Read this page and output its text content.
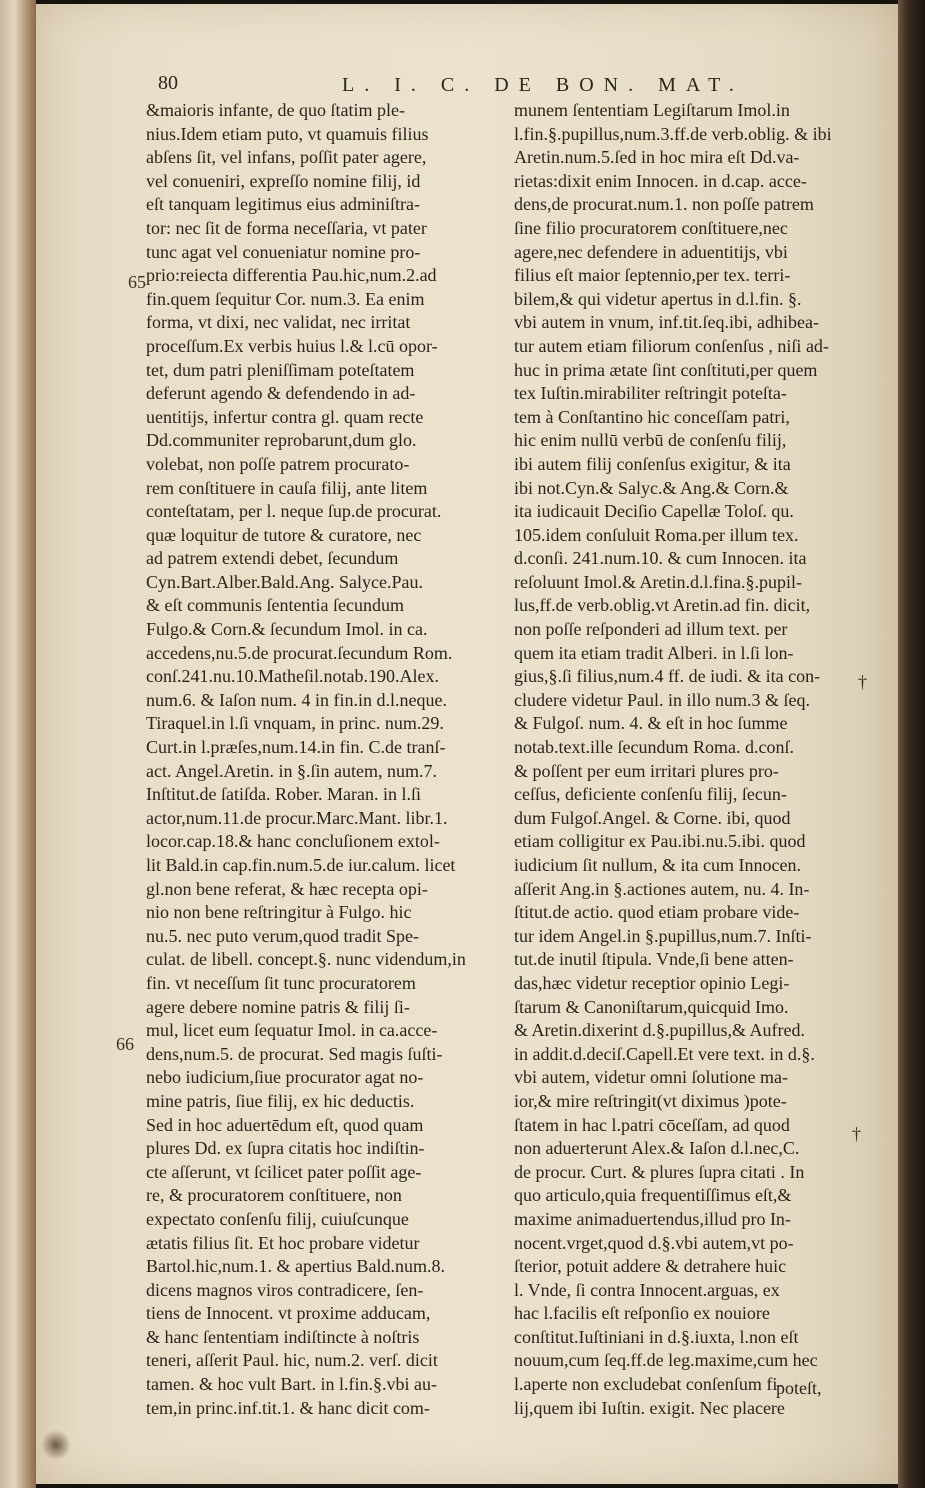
80	L. I. C. DE BON. MAT.
&maioris infante, de quo ſtatim ple-
nius.Idem etiam puto, vt quamuis filius
abſens ſit, vel infans, poſſit pater agere,
vel conueniri, expreſſo nomine filij, id
eſt tanquam legitimus eius adminiſtra-
tor: nec ſit de forma neceſſaria, vt pater
tunc agat vel conueniatur nomine pro-
prio:reiecta differentia Pau.hic,num.2.ad
fin.quem ſequitur Cor. num.3. Ea enim
forma, vt dixi, nec validat, nec irritat
proceſſum.Ex verbis huius l.& l.cū opor-
tet, dum patri pleniſſimam poteſtatem
deferunt agendo & defendendo in ad-
uentitijs, infertur contra gl. quam recte
Dd.communiter reprobarunt,dum glo.
volebat, non poſſe patrem procurato-
rem conſtituere in cauſa filij, ante litem
conteſtatam, per l. neque ſup.de procurat.
quæ loquitur de tutore & curatore, nec
ad patrem extendi debet, ſecundum
Cyn.Bart.Alber.Bald.Ang. Salyce.Pau.
& eſt communis ſententia ſecundum
Fulgo.& Corn.& ſecundum Imol. in ca.
accedens,nu.5.de procurat.ſecundum Rom.
conſ.241.nu.10.Matheſil.notab.190.Alex.
num.6. & Iaſon num. 4 in fin.in d.l.neque.
Tiraquel.in l.ſi vnquam, in princ. num.29.
Curt.in l.præſes,num.14.in fin. C.de tranſ-
act. Angel.Aretin. in §.ſin autem, num.7.
Inſtitut.de ſatiſda. Rober. Maran. in l.ſi
actor,num.11.de procur.Marc.Mant. libr.1.
locor.cap.18.& hanc concluſionem extol-
lit Bald.in cap.fin.num.5.de iur.calum. licet
gl.non bene referat, & hæc recepta opi-
nio non bene reſtringitur à Fulgo. hic
nu.5. nec puto verum,quod tradit Spe-
culat. de libell. concept.§. nunc videndum,in
fin. vt neceſſum ſit tunc procuratorem
agere debere nomine patris & filij ſi-
mul, licet eum ſequatur Imol. in ca.acce-
dens,num.5. de procurat. Sed magis ſuſti-
nebo iudicium,ſiue procurator agat no-
mine patris, ſiue filij, ex hic deductis.
Sed in hoc aduertēdum eſt, quod quam
plures Dd. ex ſupra citatis hoc indiſtin-
cte aſſerunt, vt ſcilicet pater poſſit age-
re, & procuratorem conſtituere, non
expectato conſenſu filij, cuiuſcunque
ætatis filius ſit. Et hoc probare videtur
Bartol.hic,num.1. & apertius Bald.num.8.
dicens magnos viros contradicere, ſen-
tiens de Innocent. vt proxime adducam,
& hanc ſententiam indiſtincte à noſtris
teneri, aſſerit Paul. hic, num.2. verſ. dicit
tamen. & hoc vult Bart. in l.fin.§.vbi au-
tem,in princ.inf.tit.1. & hanc dicit com-
munem ſententiam Legiſtarum Imol.in
l.fin.§.pupillus,num.3.ff.de verb.oblig. & ibi
Aretin.num.5.ſed in hoc mira eſt Dd.va-
rietas:dixit enim Innocen. in d.cap. acce-
dens,de procurat.num.1. non poſſe patrem
ſine filio procuratorem conſtituere,nec
agere,nec defendere in aduentitijs, vbi
filius eſt maior ſeptennio,per tex. terri-
bilem,& qui videtur apertus in d.l.fin. §.
vbi autem in vnum, inf.tit.ſeq.ibi, adhibea-
tur autem etiam filiorum conſenſus , niſi ad-
huc in prima ætate ſint conſtituti,per quem
tex Iuſtin.mirabiliter reſtringit poteſta-
tem à Conſtantino hic conceſſam patri,
hic enim nullū verbū de conſenſu filij,
ibi autem filij conſenſus exigitur, & ita
ibi not.Cyn.& Salyc.& Ang.& Corn.&
ita iudicauit Deciſio Capellæ Toloſ. qu.
105.idem conſuluit Roma.per illum tex.
d.conſi. 241.num.10. & cum Innocen. ita
reſoluunt Imol.& Aretin.d.l.fina.§.pupil-
lus,ff.de verb.oblig.vt Aretin.ad fin. dicit,
non poſſe reſponderi ad illum text. per
quem ita etiam tradit Alberi. in l.ſi lon-
gius,§.ſi filius,num.4 ff. de iudi. & ita con-
cludere videtur Paul. in illo num.3 & ſeq.
& Fulgoſ. num. 4. & eſt in hoc ſumme
notab.text.ille ſecundum Roma. d.conſ.
& poſſent per eum irritari plures pro-
ceſſus, deficiente conſenſu filij, ſecun-
dum Fulgoſ.Angel. & Corne. ibi, quod
etiam colligitur ex Pau.ibi.nu.5.ibi. quod
iudicium ſit nullum, & ita cum Innocen.
aſſerit Ang.in §.actiones autem, nu. 4. In-
ſtitut.de actio. quod etiam probare vide-
tur idem Angel.in §.pupillus,num.7. Inſti-
tut.de inutil ſtipula. Vnde,ſi bene atten-
das,hæc videtur receptior opinio Legi-
ſtarum & Canoniſtarum,quicquid Imo.
& Aretin.dixerint d.§.pupillus,& Aufred.
in addit.d.deciſ.Capell.Et vere text. in d.§.
vbi autem, videtur omni ſolutione ma-
ior,& mire reſtringit(vt diximus )pote-
ſtatem in hac l.patri cōceſſam, ad quod
non aduerterunt Alex.& Iaſon d.l.nec,C.
de procur. Curt. & plures ſupra citati . In
quo articulo,quia frequentiſſimus eſt,&
maxime animaduertendus,illud pro In-
nocent.vrget,quod d.§.vbi autem,vt po-
ſterior, potuit addere & detrahere huic
l. Vnde, ſi contra Innocent.arguas, ex
hac l.facilis eſt reſponſio ex nouiore
conſtitut.Iuſtiniani in d.§.iuxta, l.non eſt
nouum,cum ſeq.ff.de leg.maxime,cum hec
l.aperte non excludebat conſenſum fi-
lij,quem ibi Iuſtin. exigit. Nec placere
65
66
†
†
poteſt,
